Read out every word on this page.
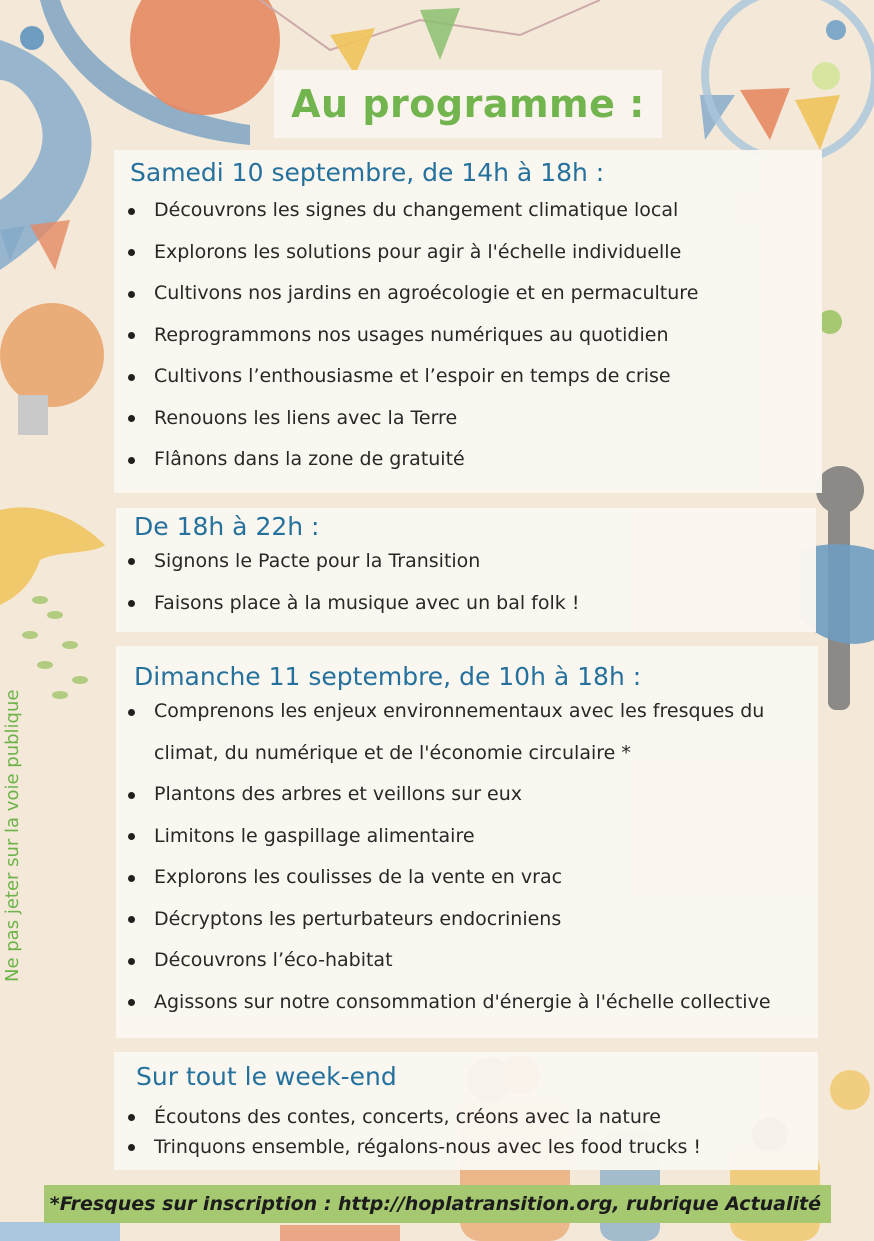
Au programme :
Samedi 10 septembre, de 14h à 18h :
Découvrons les signes du changement climatique local
Explorons les solutions pour agir à l'échelle individuelle
Cultivons nos jardins en agroécologie et en permaculture
Reprogrammons nos usages numériques au quotidien
Cultivons l’enthousiasme et l’espoir en temps de crise
Renouons les liens avec la Terre
Flânons dans la zone de gratuité
De 18h à 22h :
Signons le Pacte pour la Transition
Faisons place à la musique avec un bal folk !
Dimanche 11 septembre, de 10h à 18h :
Comprenons les enjeux environnementaux avec les fresques du climat, du numérique et de l'économie circulaire *
Plantons des arbres et veillons sur eux
Limitons le gaspillage alimentaire
Explorons les coulisses de la vente en vrac
Décryptons les perturbateurs endocriniens
Découvrons l’éco-habitat
Agissons sur notre consommation d'énergie à l'échelle collective
Sur tout le week-end
Écoutons des contes, concerts, créons avec la nature
Trinquons ensemble, régalons-nous avec les food trucks !
*Fresques sur inscription : http://hoplatransition.org, rubrique Actualité
Ne pas jeter sur la voie publique
